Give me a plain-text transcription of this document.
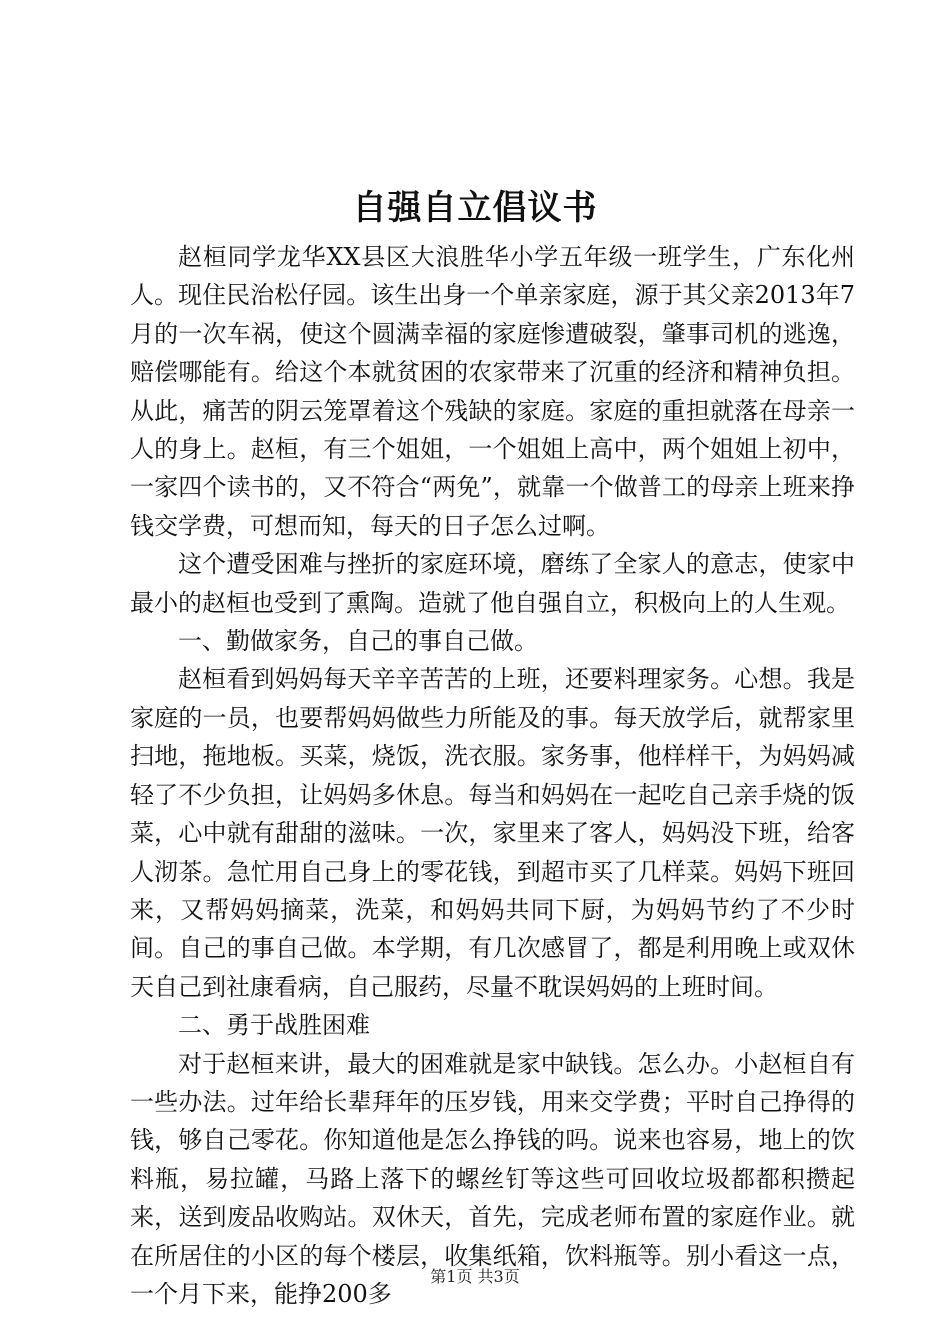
自强自立倡议书

赵桓同学龙华XX县区大浪胜华小学五年级一班学生，广东化州人。现住民治松仔园。该生出身一个单亲家庭，源于其父亲2013年7月的一次车祸，使这个圆满幸福的家庭惨遭破裂，肇事司机的逃逸，赔偿哪能有。给这个本就贫困的农家带来了沉重的经济和精神负担。从此，痛苦的阴云笼罩着这个残缺的家庭。家庭的重担就落在母亲一人的身上。赵桓，有三个姐姐，一个姐姐上高中，两个姐姐上初中，一家四个读书的，又不符合“两免”，就靠一个做普工的母亲上班来挣钱交学费，可想而知，每天的日子怎么过啊。

这个遭受困难与挫折的家庭环境，磨练了全家人的意志，使家中最小的赵桓也受到了熏陶。造就了他自强自立，积极向上的人生观。

一、勤做家务，自己的事自己做。

赵桓看到妈妈每天辛辛苦苦的上班，还要料理家务。心想。我是家庭的一员，也要帮妈妈做些力所能及的事。每天放学后，就帮家里扫地，拖地板。买菜，烧饭，洗衣服。家务事，他样样干，为妈妈减轻了不少负担，让妈妈多休息。每当和妈妈在一起吃自己亲手烧的饭菜，心中就有甜甜的滋味。一次，家里来了客人，妈妈没下班，给客人沏茶。急忙用自己身上的零花钱，到超市买了几样菜。妈妈下班回来，又帮妈妈摘菜，洗菜，和妈妈共同下厨，为妈妈节约了不少时间。自己的事自己做。本学期，有几次感冒了，都是利用晚上或双休天自己到社康看病，自己服药，尽量不耽误妈妈的上班时间。

二、勇于战胜困难

对于赵桓来讲，最大的困难就是家中缺钱。怎么办。小赵桓自有一些办法。过年给长辈拜年的压岁钱，用来交学费；平时自己挣得的钱，够自己零花。你知道他是怎么挣钱的吗。说来也容易，地上的饮料瓶，易拉罐，马路上落下的螺丝钉等这些可回收垃圾都都积攒起来，送到废品收购站。双休天，首先，完成老师布置的家庭作业。就在所居住的小区的每个楼层，收集纸箱，饮料瓶等。别小看这一点，一个月下来，能挣200多

第1页 共3页
